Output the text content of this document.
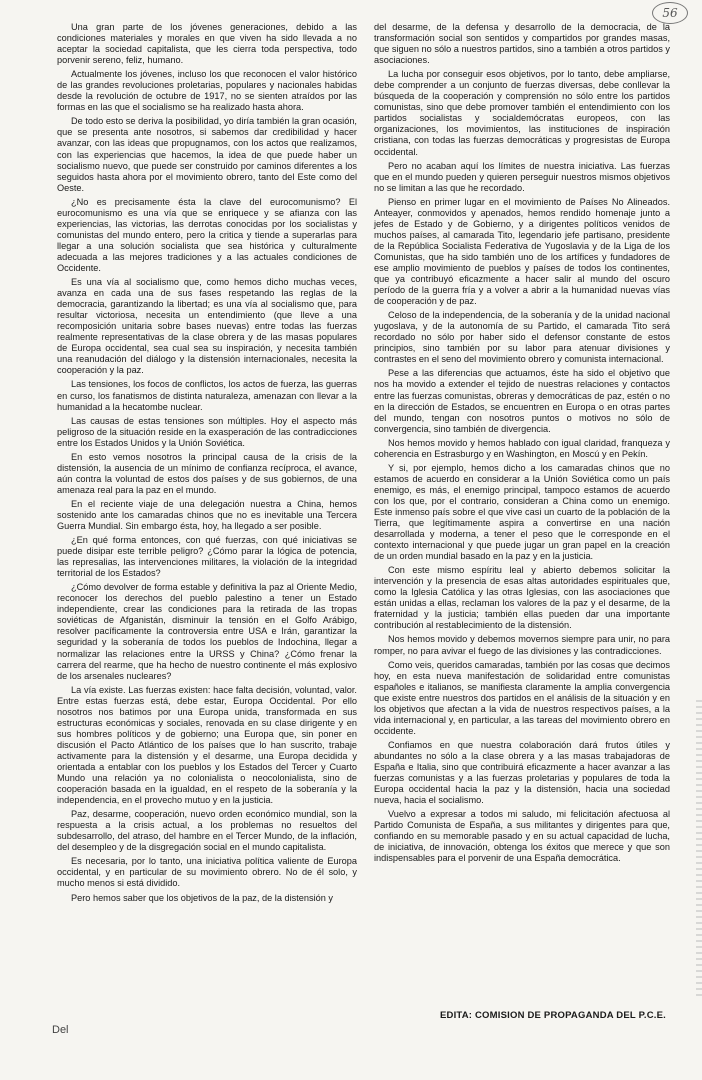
56

Una gran parte de los jóvenes generaciones, debido a las condiciones materiales y morales en que viven ha sido llevada a no aceptar la sociedad capitalista, que les cierra toda perspectiva, todo porvenir sereno, feliz, humano.

Actualmente los jóvenes, incluso los que reconocen el valor histórico de las grandes revoluciones proletarias, populares y nacionales habidas desde la revolución de octubre de 1917, no se sienten atraídos por las formas en las que el socialismo se ha realizado hasta ahora.

De todo esto se deriva la posibilidad, yo diría también la gran ocasión, que se presenta ante nosotros, si sabemos dar credibilidad y hacer avanzar, con las ideas que propugnamos, con los actos que realizamos, con las experiencias que hacemos, la idea de que puede haber un socialismo nuevo, que puede ser construido por caminos diferentes a los seguidos hasta ahora por el movimiento obrero, tanto del Este como del Oeste.

¿No es precisamente ésta la clave del eurocomunismo? El eurocomunismo es una vía que se enriquece y se afianza con las experiencias, las victorias, las derrotas conocidas por los socialistas y comunistas del mundo entero, pero la critica y tiende a superarlas para llegar a una solución socialista que sea histórica y culturalmente adecuada a las mejores tradiciones y a las actuales condiciones de Occidente.

Es una vía al socialismo que, como hemos dicho muchas veces, avanza en cada una de sus fases respetando las reglas de la democracia, garantizando la libertad; es una vía al socialismo que, para resultar victoriosa, necesita un entendimiento (que lleve a una recomposición unitaria sobre bases nuevas) entre todas las fuerzas realmente representativas de la clase obrera y de las masas populares de Europa occidental, sea cual sea su inspiración, y necesita también una reanudación del diálogo y la distensión internacionales, necesita la cooperación y la paz.

Las tensiones, los focos de conflictos, los actos de fuerza, las guerras en curso, los fanatismos de distinta naturaleza, amenazan con llevar a la humanidad a la hecatombe nuclear.

Las causas de estas tensiones son múltiples. Hoy el aspecto más peligroso de la situación reside en la exasperación de las contradicciones entre los Estados Unidos y la Unión Soviética.

En esto vemos nosotros la principal causa de la crisis de la distensión, la ausencia de un mínimo de confianza recíproca, el avance, aún contra la voluntad de estos dos países y de sus gobiernos, de una amenaza real para la paz en el mundo.

En el reciente viaje de una delegación nuestra a China, hemos sostenido ante los camaradas chinos que no es inevitable una Tercera Guerra Mundial. Sin embargo ésta, hoy, ha llegado a ser posible.

¿En qué forma entonces, con qué fuerzas, con qué iniciativas se puede disipar este terrible peligro? ¿Cómo parar la lógica de potencia, las represalias, las intervenciones militares, la violación de la integridad territorial de los Estados?

¿Cómo devolver de forma estable y definitiva la paz al Oriente Medio, reconocer los derechos del pueblo palestino a tener un Estado independiente, crear las condiciones para la retirada de las tropas soviéticas de Afganistán, disminuir la tensión en el Golfo Arábigo, resolver pacíficamente la controversia entre USA e Irán, garantizar la seguridad y la soberanía de todos los pueblos de Indochina, llegar a normalizar las relaciones entre la URSS y China? ¿Cómo frenar la carrera del rearme, que ha hecho de nuestro continente el más explosivo de los arsenales nucleares?

La vía existe. Las fuerzas existen: hace falta decisión, voluntad, valor. Entre estas fuerzas está, debe estar, Europa Occidental. Por ello nosotros nos batimos por una Europa unida, transformada en sus estructuras económicas y sociales, renovada en su clase dirigente y en sus hombres políticos y de gobierno; una Europa que, sin poner en discusión el Pacto Atlántico de los países que lo han suscrito, trabaje activamente para la distensión y el desarme, una Europa decidida y orientada a entablar con los pueblos y los Estados del Tercer y Cuarto Mundo una relación ya no colonialista o neocolonialista, sino de cooperación basada en la igualdad, en el respeto de la soberanía y la independencia, en el provecho mutuo y en la justicia.

Paz, desarme, cooperación, nuevo orden económico mundial, son la respuesta a la crisis actual, a los problemas no resueltos del subdesarrollo, del atraso, del hambre en el Tercer Mundo, de la inflación, del desempleo y de la disgregación social en el mundo capitalista.

Es necesaria, por lo tanto, una iniciativa política valiente de Europa occidental, y en particular de su movimiento obrero. No de él solo, y mucho menos si está dividido.

Pero hemos saber que los objetivos de la paz, de la distensión y

del desarme, de la defensa y desarrollo de la democracia, de la transformación social son sentidos y compartidos por grandes masas, que siguen no sólo a nuestros partidos, sino a también a otros partidos y asociaciones.

La lucha por conseguir esos objetivos, por lo tanto, debe ampliarse, debe comprender a un conjunto de fuerzas diversas, debe conllevar la búsqueda de la cooperación y comprensión no sólo entre los partidos comunistas, sino que debe promover también el entendimiento con los partidos socialistas y socialdemócratas europeos, con las organizaciones, los movimientos, las instituciones de inspiración cristiana, con todas las fuerzas democráticas y progresistas de Europa occidental.

Pero no acaban aquí los límites de nuestra iniciativa. Las fuerzas que en el mundo pueden y quieren perseguir nuestros mismos objetivos no se limitan a las que he recordado.

Pienso en primer lugar en el movimiento de Países No Alineados. Anteayer, conmovidos y apenados, hemos rendido homenaje junto a jefes de Estado y de Gobierno, y a dirigentes políticos venidos de muchos países, al camarada Tito, legendario jefe partisano, presidente de la República Socialista Federativa de Yugoslavia y de la Liga de los Comunistas, que ha sido también uno de los artífices y fundadores de ese amplio movimiento de pueblos y países de todos los continentes, que ya contribuyó eficazmente a hacer salir al mundo del oscuro período de la guerra fría y a volver a abrir a la humanidad nuevas vías de cooperación y de paz.

Celoso de la independencia, de la soberanía y de la unidad nacional yugoslava, y de la autonomía de su Partido, el camarada Tito será recordado no sólo por haber sido el defensor constante de estos principios, sino también por su labor para atenuar divisiones y contrastes en el seno del movimiento obrero y comunista internacional.

Pese a las diferencias que actuamos, éste ha sido el objetivo que nos ha movido a extender el tejido de nuestras relaciones y contactos entre las fuerzas comunistas, obreras y democráticas de paz, estén o no en la dirección de Estados, se encuentren en Europa o en otras partes del mundo, tengan con nosotros puntos o motivos no sólo de convergencia, sino también de divergencia.

Nos hemos movido y hemos hablado con igual claridad, franqueza y coherencia en Estrasburgo y en Washington, en Moscú y en Pekín.

Y si, por ejemplo, hemos dicho a los camaradas chinos que no estamos de acuerdo en considerar a la Unión Soviética como un país enemigo, es más, el enemigo principal, tampoco estamos de acuerdo con los que, por el contrario, consideran a China como un enemigo. Este inmenso país sobre el que vive casi un cuarto de la población de la Tierra, que legítimamente aspira a convertirse en una nación desarrollada y moderna, a tener el peso que le corresponde en el contexto internacional y que puede jugar un gran papel en la creación de un orden mundial basado en la paz y en la justicia.

Con este mismo espíritu leal y abierto debemos solicitar la intervención y la presencia de esas altas autoridades espirituales que, como la Iglesia Católica y las otras Iglesias, con las asociaciones que están unidas a ellas, reclaman los valores de la paz y el desarme, de la fraternidad y la justicia; también ellas pueden dar una importante contribución al restablecimiento de la distensión.

Nos hemos movido y debemos movernos siempre para unir, no para romper, no para avivar el fuego de las divisiones y las contradicciones.

Como veis, queridos camaradas, también por las cosas que decimos hoy, en esta nueva manifestación de solidaridad entre comunistas españoles e italianos, se manifiesta claramente la amplia convergencia que existe entre nuestros dos partidos en el análisis de la situación y en los objetivos que afectan a la vida de nuestros respectivos países, a la vida internacional y, en particular, a las tareas del movimiento obrero en occidente.

Confiamos en que nuestra colaboración dará frutos útiles y abundantes no sólo a la clase obrera y a las masas trabajadoras de España e Italia, sino que contribuirá eficazmente a hacer avanzar a las fuerzas comunistas y a las fuerzas proletarias y populares de toda la Europa occidental hacia la paz y la distensión, hacia una sociedad nueva, hacia el socialismo.

Vuelvo a expresar a todos mi saludo, mi felicitación afectuosa al Partido Comunista de España, a sus militantes y dirigentes para que, confiando en su memorable pasado y en su actual capacidad de lucha, de iniciativa, de innovación, obtenga los éxitos que merece y que son indispensables para el porvenir de una España democrática.

Del
EDITA: COMISION DE PROPAGANDA DEL P.C.E.
